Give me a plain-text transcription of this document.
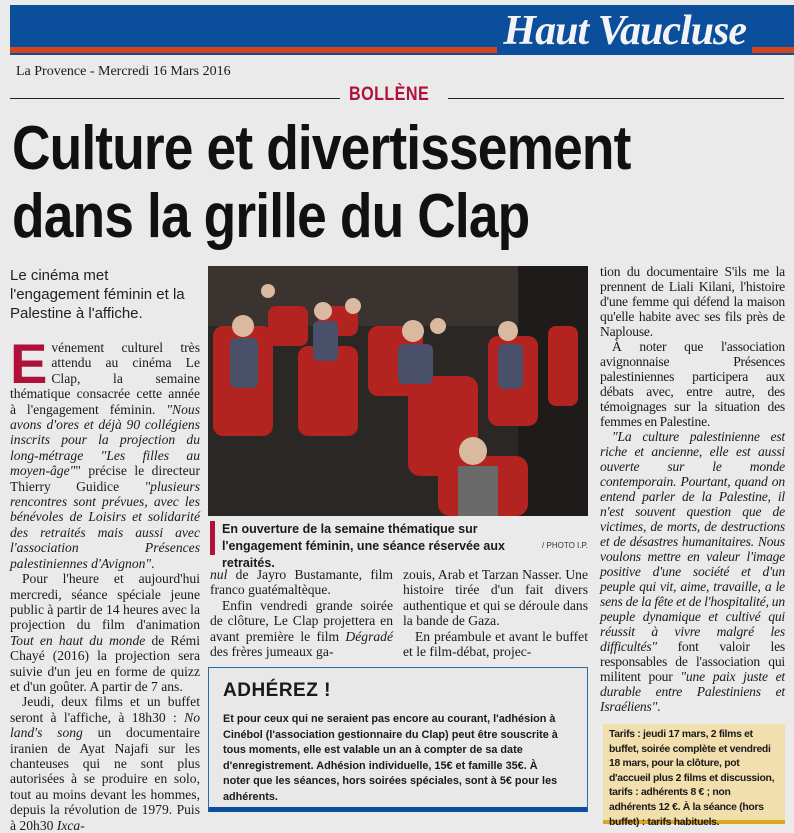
Haut Vaucluse
La Provence - Mercredi 16 Mars 2016
BOLLÈNE
Culture et divertissement
dans la grille du Clap
Le cinéma met l'engagement féminin et la Palestine à l'affiche.

Evénement culturel très attendu au cinéma Le Clap, la semaine thématique consacrée cette année à l'engagement féminin. "Nous avons d'ores et déjà 90 collégiens inscrits pour la projection du long-métrage "Les filles au moyen-âge"" précise le directeur Thierry Guidice "plusieurs rencontres sont prévues, avec les bénévoles de Loisirs et solidarité des retraités mais aussi avec l'association Présences palestiniennes d'Avignon".

Pour l'heure et aujourd'hui mercredi, séance spéciale jeune public à partir de 14 heures avec la projection du film d'animation Tout en haut du monde de Rémi Chayé (2016) la projection sera suivie d'un jeu en forme de quizz et d'un goûter. A partir de 7 ans.

Jeudi, deux films et un buffet seront à l'affiche, à 18h30 : No land's song un documentaire iranien de Ayat Najafi sur les chanteuses qui ne sont plus autorisées à se produire en solo, tout au moins devant les hommes, depuis la révolution de 1979. Puis à 20h30 Ixca-

En ouverture de la semaine thématique sur l'engagement féminin, une séance réservée aux retraités.
/ PHOTO I.P.

nul de Jayro Bustamante, film franco guatémaltèque.

Enfin vendredi grande soirée de clôture, Le Clap projettera en avant première le film Dégradé des frères jumeaux ga-

zouis, Arab et Tarzan Nasser. Une histoire tirée d'un fait divers authentique et qui se déroule dans la bande de Gaza.

En préambule et avant le buffet et le film-débat, projec-

tion du documentaire S'ils me la prennent de Liali Kilani, l'histoire d'une femme qui défend la maison qu'elle habite avec ses fils près de Naplouse.

À noter que l'association avignonnaise Présences palestiniennes participera aux débats avec, entre autre, des témoignages sur la situation des femmes en Palestine.

"La culture palestinienne est riche et ancienne, elle est aussi ouverte sur le monde contemporain. Pourtant, quand on entend parler de la Palestine, il n'est souvent question que de victimes, de morts, de destructions et de désastres humanitaires. Nous voulons mettre en valeur l'image positive d'une société et d'un peuple qui vit, aime, travaille, a le sens de la fête et de l'hospitalité, un peuple dynamique et cultivé qui réussit à vivre malgré les difficultés" font valoir les responsables de l'association qui militent pour "une paix juste et durable entre Palestiniens et Israéliens".

ADHÉREZ !
Et pour ceux qui ne seraient pas encore au courant, l'adhésion à Cinébol (l'association gestionnaire du Clap) peut être souscrite à tous moments, elle est valable un an à compter de sa date d'enregistrement. Adhésion individuelle, 15€ et famille 35€. À noter que les séances, hors soirées spéciales, sont à 5€ pour les adhérents.
Tarifs : jeudi 17 mars, 2 films et buffet, soirée complète et vendredi 18 mars, pour la clôture, pot d'accueil plus 2 films et discussion, tarifs : adhérents 8 € ; non adhérents 12 €. À la séance (hors buffet) : tarifs habituels.
